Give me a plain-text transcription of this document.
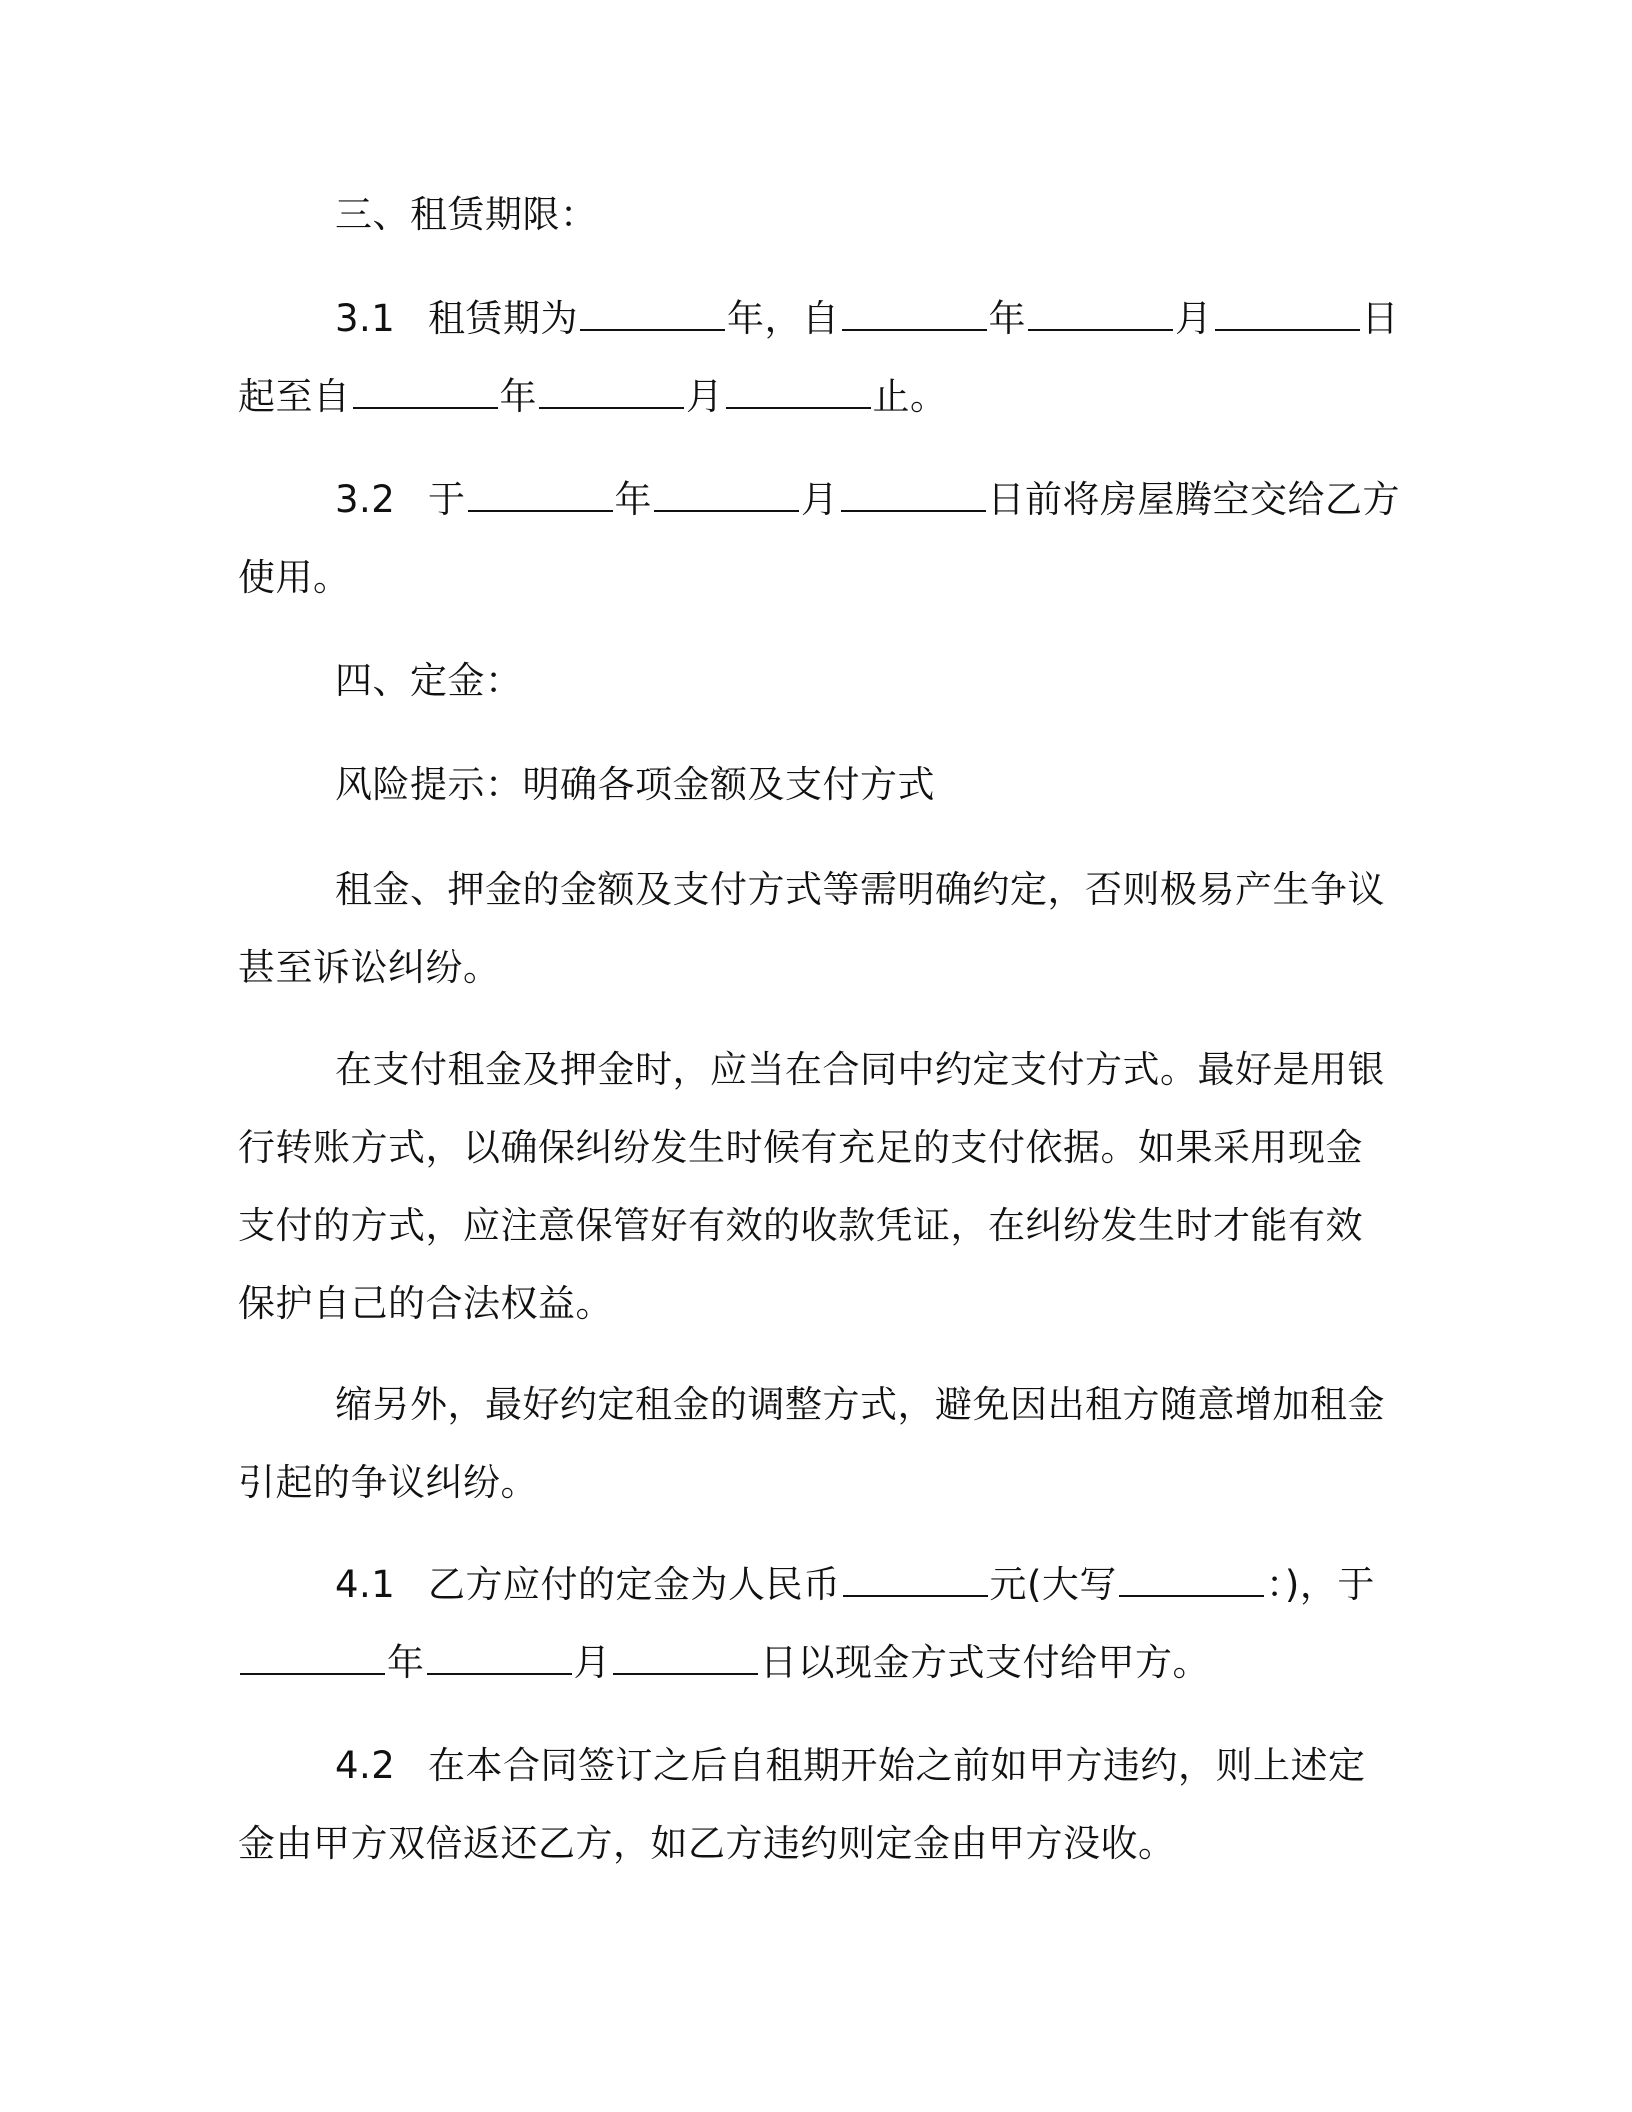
三、租赁期限：
3.1 租赁期为	年，自	年	月	日
起至自	年	月	止。
3.2 于	年	月	日前将房屋腾空交给乙方
使用。
四、定金：
风险提示：明确各项金额及支付方式
租金、押金的金额及支付方式等需明确约定，否则极易产生争议
甚至诉讼纠纷。
在支付租金及押金时，应当在合同中约定支付方式。最好是用银
行转账方式，以确保纠纷发生时候有充足的支付依据。如果采用现金
支付的方式，应注意保管好有效的收款凭证，在纠纷发生时才能有效
保护自己的合法权益。
缩另外，最好约定租金的调整方式，避免因出租方随意增加租金
引起的争议纠纷。
4.1 乙方应付的定金为人民币	元(大写	：)，于
年	月	日以现金方式支付给甲方。
4.2 在本合同签订之后自租期开始之前如甲方违约，则上述定
金由甲方双倍返还乙方，如乙方违约则定金由甲方没收。
